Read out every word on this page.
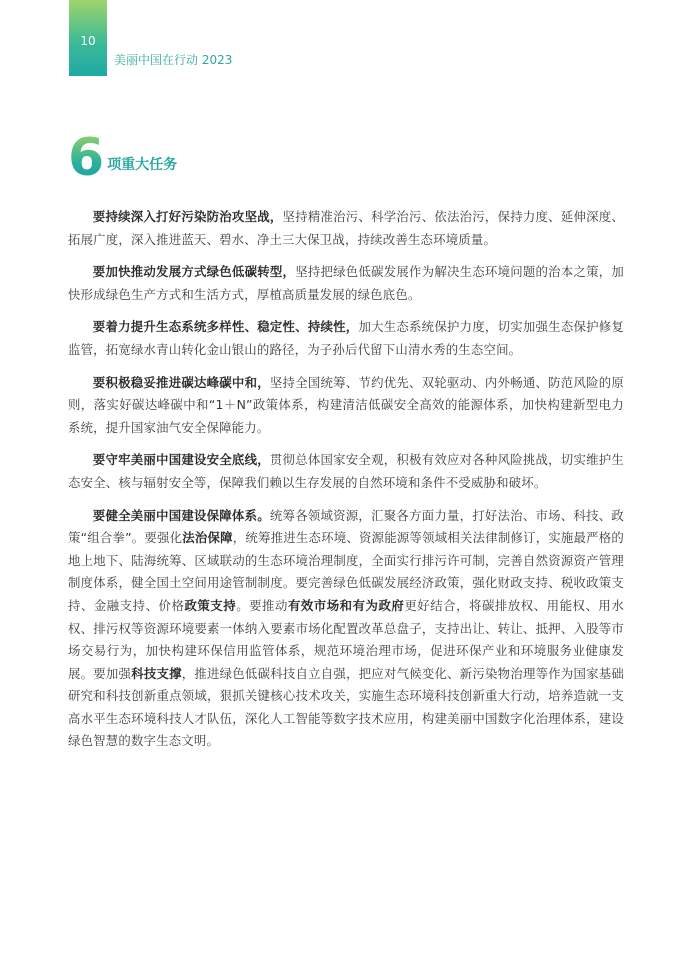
10
美丽中国在行动 2023
6 项重大任务

要持续深入打好污染防治攻坚战，坚持精准治污、科学治污、依法治污，保持力度、延伸深度、拓展广度，深入推进蓝天、碧水、净土三大保卫战，持续改善生态环境质量。

要加快推动发展方式绿色低碳转型，坚持把绿色低碳发展作为解决生态环境问题的治本之策，加快形成绿色生产方式和生活方式，厚植高质量发展的绿色底色。

要着力提升生态系统多样性、稳定性、持续性，加大生态系统保护力度，切实加强生态保护修复监管，拓宽绿水青山转化金山银山的路径，为子孙后代留下山清水秀的生态空间。

要积极稳妥推进碳达峰碳中和，坚持全国统筹、节约优先、双轮驱动、内外畅通、防范风险的原则，落实好碳达峰碳中和“1＋N”政策体系，构建清洁低碳安全高效的能源体系，加快构建新型电力系统，提升国家油气安全保障能力。

要守牢美丽中国建设安全底线，贯彻总体国家安全观，积极有效应对各种风险挑战，切实维护生态安全、核与辐射安全等，保障我们赖以生存发展的自然环境和条件不受威胁和破坏。

要健全美丽中国建设保障体系。统筹各领域资源，汇聚各方面力量，打好法治、市场、科技、政策“组合拳”。要强化法治保障，统筹推进生态环境、资源能源等领域相关法律制修订，实施最严格的地上地下、陆海统筹、区域联动的生态环境治理制度，全面实行排污许可制，完善自然资源资产管理制度体系，健全国土空间用途管制制度。要完善绿色低碳发展经济政策，强化财政支持、税收政策支持、金融支持、价格政策支持。要推动有效市场和有为政府更好结合，将碳排放权、用能权、用水权、排污权等资源环境要素一体纳入要素市场化配置改革总盘子，支持出让、转让、抵押、入股等市场交易行为，加快构建环保信用监管体系，规范环境治理市场，促进环保产业和环境服务业健康发展。要加强科技支撑，推进绿色低碳科技自立自强，把应对气候变化、新污染物治理等作为国家基础研究和科技创新重点领域，狠抓关键核心技术攻关，实施生态环境科技创新重大行动，培养造就一支高水平生态环境科技人才队伍，深化人工智能等数字技术应用，构建美丽中国数字化治理体系，建设绿色智慧的数字生态文明。
